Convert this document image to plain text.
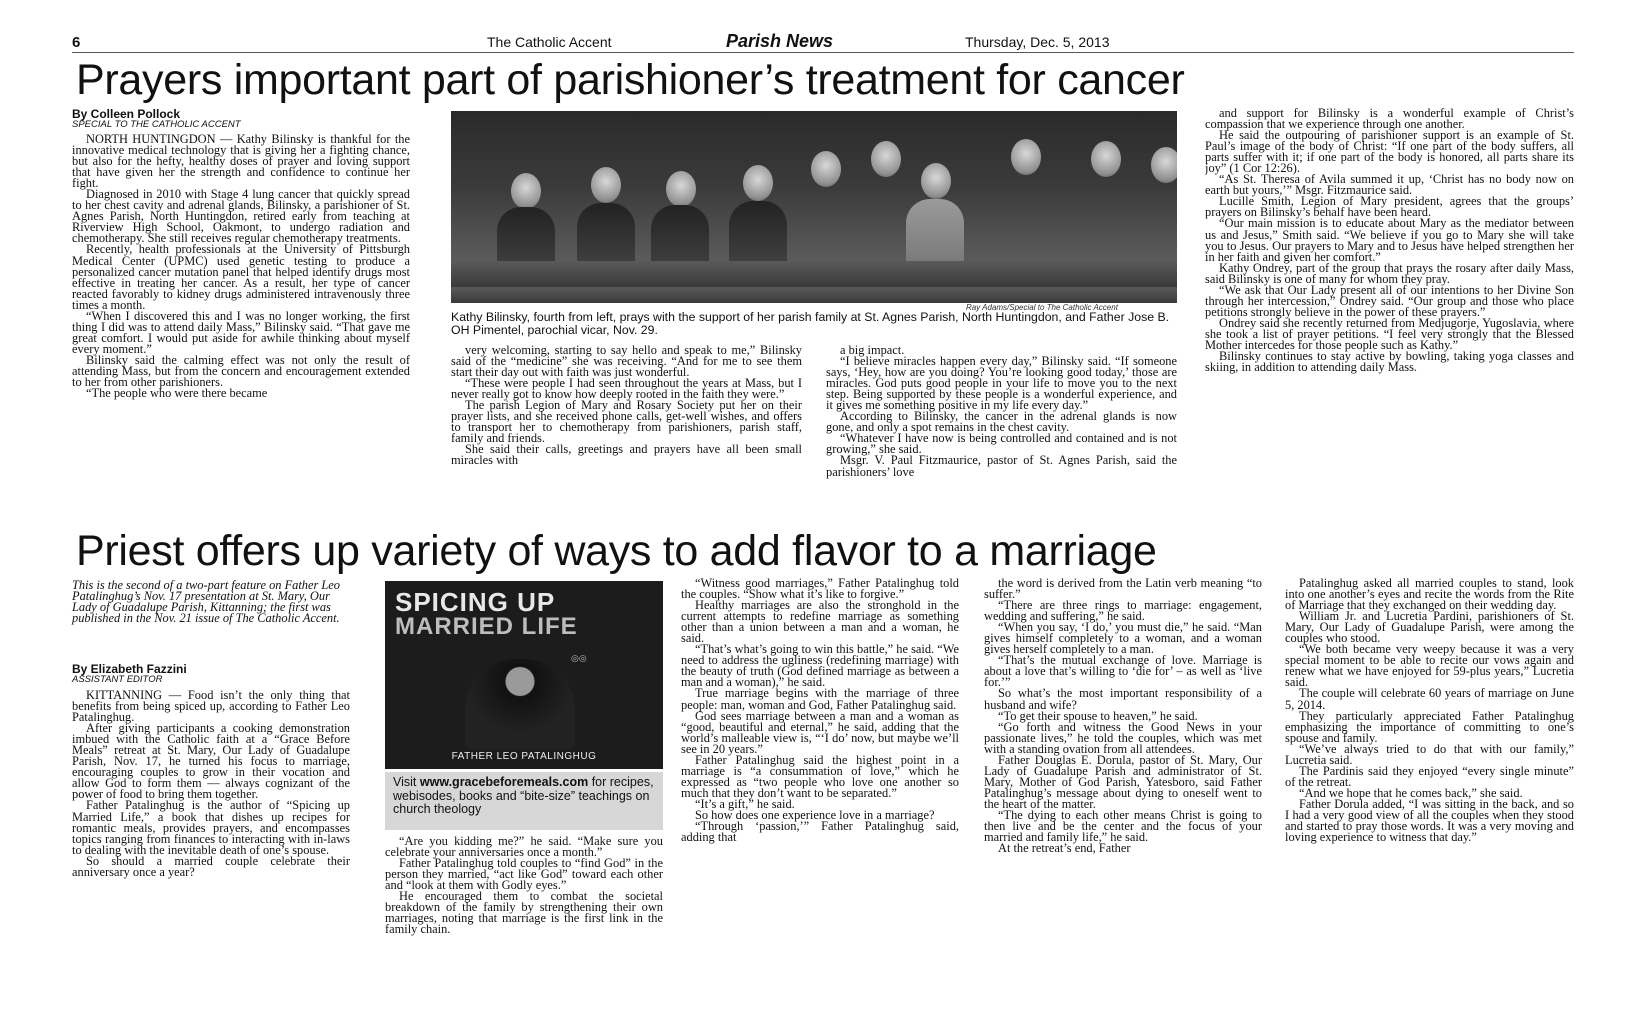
6	The Catholic Accent	Parish News	Thursday, Dec. 5, 2013
Prayers important part of parishioner’s treatment for cancer
By Colleen Pollock
SPECIAL TO THE CATHOLIC ACCENT

NORTH HUNTINGDON — Kathy Bilinsky is thankful for the innovative medical technology that is giving her a fighting chance, but also for the hefty, healthy doses of prayer and loving support that have given her the strength and confidence to continue her fight.

Diagnosed in 2010 with Stage 4 lung cancer that quickly spread to her chest cavity and adrenal glands, Bilinsky, a parishioner of St. Agnes Parish, North Huntingdon, retired early from teaching at Riverview High School, Oakmont, to undergo radiation and chemotherapy. She still receives regular chemotherapy treatments.

Recently, health professionals at the University of Pittsburgh Medical Center (UPMC) used genetic testing to produce a personalized cancer mutation panel that helped identify drugs most effective in treating her cancer. As a result, her type of cancer reacted favorably to kidney drugs administered intravenously three times a month.

“When I discovered this and I was no longer working, the first thing I did was to attend daily Mass,” Bilinsky said. “That gave me great comfort. I would put aside for awhile thinking about myself every moment.”

Bilinsky said the calming effect was not only the result of attending Mass, but from the concern and encouragement extended to her from other parishioners.

“The people who were there became

Ray Adams/Special to The Catholic Accent
Kathy Bilinsky, fourth from left, prays with the support of her parish family at St. Agnes Parish, North Huntingdon, and Father Jose B. OH Pimentel, parochial vicar, Nov. 29.

very welcoming, starting to say hello and speak to me,” Bilinsky said of the “medicine” she was receiving. “And for me to see them start their day out with faith was just wonderful.

“These were people I had seen throughout the years at Mass, but I never really got to know how deeply rooted in the faith they were.”

The parish Legion of Mary and Rosary Society put her on their prayer lists, and she received phone calls, get-well wishes, and offers to transport her to chemotherapy from parishioners, parish staff, family and friends.

She said their calls, greetings and prayers have all been small miracles with

a big impact.

“I believe miracles happen every day,” Bilinsky said. “If someone says, ‘Hey, how are you doing? You’re looking good today,’ those are miracles. God puts good people in your life to move you to the next step. Being supported by these people is a wonderful experience, and it gives me something positive in my life every day.”

According to Bilinsky, the cancer in the adrenal glands is now gone, and only a spot remains in the chest cavity.

“Whatever I have now is being controlled and contained and is not growing,” she said.

Msgr. V. Paul Fitzmaurice, pastor of St. Agnes Parish, said the parishioners’ love

and support for Bilinsky is a wonderful example of Christ’s compassion that we experience through one another.

He said the outpouring of parishioner support is an example of St. Paul’s image of the body of Christ: “If one part of the body suffers, all parts suffer with it; if one part of the body is honored, all parts share its joy” (1 Cor 12:26).

“As St. Theresa of Avila summed it up, ‘Christ has no body now on earth but yours,’” Msgr. Fitzmaurice said.

Lucille Smith, Legion of Mary president, agrees that the groups’ prayers on Bilinsky’s behalf have been heard.

“Our main mission is to educate about Mary as the mediator between us and Jesus,” Smith said. “We believe if you go to Mary she will take you to Jesus. Our prayers to Mary and to Jesus have helped strengthen her in her faith and given her comfort.”

Kathy Ondrey, part of the group that prays the rosary after daily Mass, said Bilinsky is one of many for whom they pray.

“We ask that Our Lady present all of our intentions to her Divine Son through her intercession,” Ondrey said. “Our group and those who place petitions strongly believe in the power of these prayers.”

Ondrey said she recently returned from Medjugorje, Yugoslavia, where she took a list of prayer petitions. “I feel very strongly that the Blessed Mother intercedes for those people such as Kathy.”

Bilinsky continues to stay active by bowling, taking yoga classes and skiing, in addition to attending daily Mass.

Priest offers up variety of ways to add flavor to a marriage
This is the second of a two-part feature on Father Leo Patalinghug’s Nov. 17 presentation at St. Mary, Our Lady of Guadalupe Parish, Kittanning; the first was published in the Nov. 21 issue of The Catholic Accent.
By Elizabeth Fazzini
ASSISTANT EDITOR

KITTANNING — Food isn’t the only thing that benefits from being spiced up, according to Father Leo Patalinghug.

After giving participants a cooking demonstration imbued with the Catholic faith at a “Grace Before Meals” retreat at St. Mary, Our Lady of Guadalupe Parish, Nov. 17, he turned his focus to marriage, encouraging couples to grow in their vocation and allow God to form them — always cognizant of the power of food to bring them together.

Father Patalinghug is the author of “Spicing up Married Life,” a book that dishes up recipes for romantic meals, provides prayers, and encompasses topics ranging from finances to interacting with in-laws to dealing with the inevitable death of one’s spouse.

So should a married couple celebrate their anniversary once a year?

SPICING UP
MARRIED LIFE
◎◎
FATHER LEO PATALINGHUG
Visit www.gracebeforemeals.com for recipes, webisodes, books and “bite-size” teachings on church theology

“Are you kidding me?” he said. “Make sure you celebrate your anniversaries once a month.”

Father Patalinghug told couples to “find God” in the person they married, “act like God” toward each other and “look at them with Godly eyes.”

He encouraged them to combat the societal breakdown of the family by strengthening their own marriages, noting that marriage is the first link in the family chain.

“Witness good marriages,” Father Patalinghug told the couples. “Show what it’s like to forgive.”

Healthy marriages are also the stronghold in the current attempts to redefine marriage as something other than a union between a man and a woman, he said.

“That’s what’s going to win this battle,” he said. “We need to address the ugliness (redefining marriage) with the beauty of truth (God defined marriage as between a man and a woman),” he said.

True marriage begins with the marriage of three people: man, woman and God, Father Patalinghug said.

God sees marriage between a man and a woman as “good, beautiful and eternal,” he said, adding that the world’s malleable view is, “‘I do’ now, but maybe we’ll see in 20 years.”

Father Patalinghug said the highest point in a marriage is “a consummation of love,” which he expressed as “two people who love one another so much that they don’t want to be separated.”

“It’s a gift,” he said.

So how does one experience love in a marriage?

“Through ‘passion,’” Father Patalinghug said, adding that

the word is derived from the Latin verb meaning “to suffer.”

“There are three rings to marriage: engagement, wedding and suffering,” he said.

“When you say, ‘I do,’ you must die,” he said. “Man gives himself completely to a woman, and a woman gives herself completely to a man.

“That’s the mutual exchange of love. Marriage is about a love that’s willing to ‘die for’ – as well as ‘live for.’”

So what’s the most important responsibility of a husband and wife?

“To get their spouse to heaven,” he said.

“Go forth and witness the Good News in your passionate lives,” he told the couples, which was met with a standing ovation from all attendees.

Father Douglas E. Dorula, pastor of St. Mary, Our Lady of Guadalupe Parish and administrator of St. Mary, Mother of God Parish, Yatesboro, said Father Patalinghug’s message about dying to oneself went to the heart of the matter.

“The dying to each other means Christ is going to then live and be the center and the focus of your married and family life,” he said.

At the retreat’s end, Father

Patalinghug asked all married couples to stand, look into one another’s eyes and recite the words from the Rite of Marriage that they exchanged on their wedding day.

William Jr. and Lucretia Pardini, parishioners of St. Mary, Our Lady of Guadalupe Parish, were among the couples who stood.

“We both became very weepy because it was a very special moment to be able to recite our vows again and renew what we have enjoyed for 59-plus years,” Lucretia said.

The couple will celebrate 60 years of marriage on June 5, 2014.

They particularly appreciated Father Patalinghug emphasizing the importance of committing to one’s spouse and family.

“We’ve always tried to do that with our family,” Lucretia said.

The Pardinis said they enjoyed “every single minute” of the retreat.

“And we hope that he comes back,” she said.

Father Dorula added, “I was sitting in the back, and so I had a very good view of all the couples when they stood and started to pray those words. It was a very moving and loving experience to witness that day.”
